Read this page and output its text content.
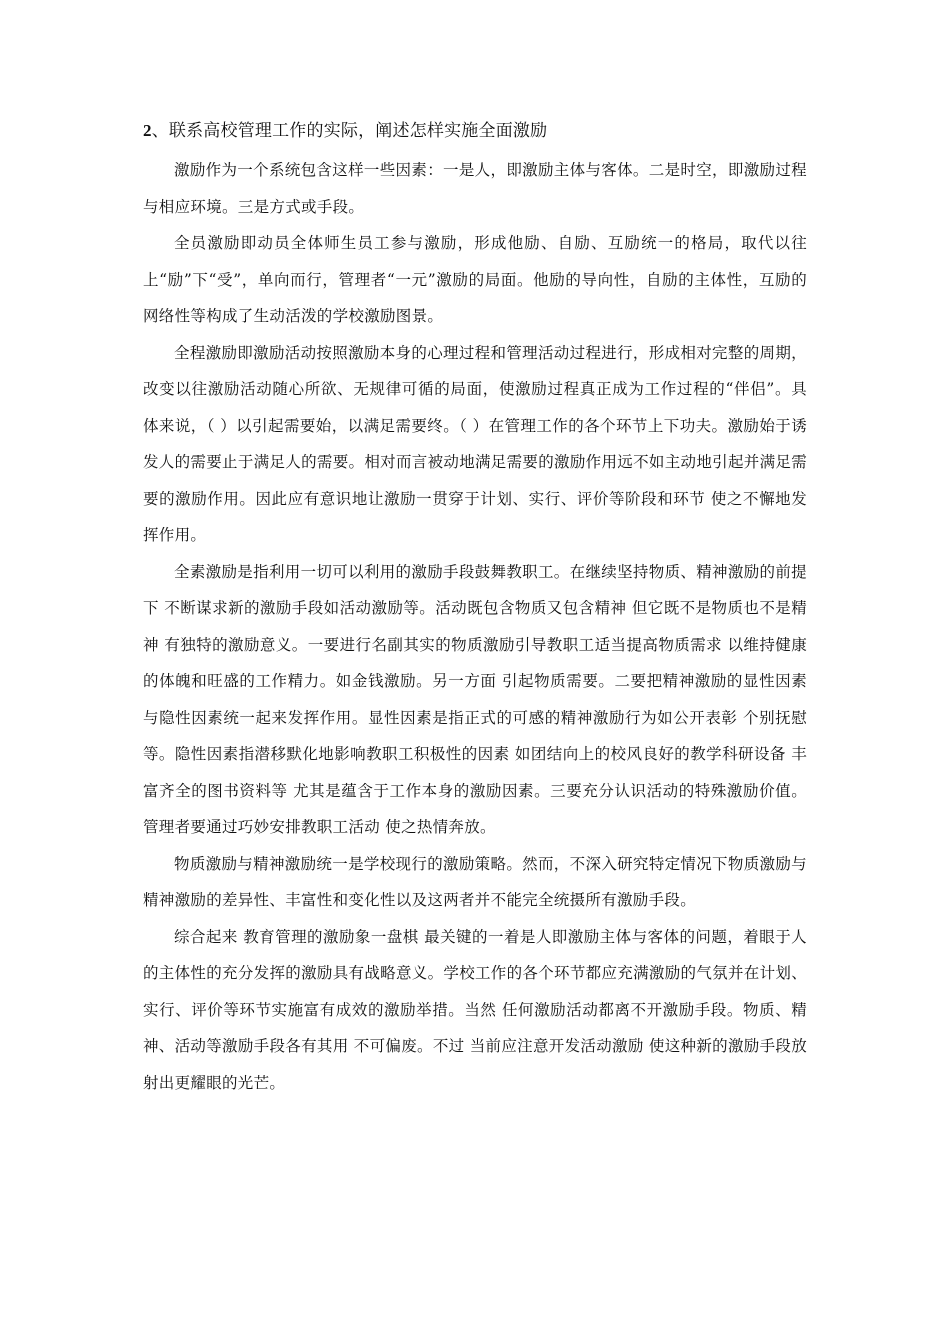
2、联系高校管理工作的实际，阐述怎样实施全面激励

激励作为一个系统包含这样一些因素：一是人，即激励主体与客体。二是时空，即激励过程与相应环境。三是方式或手段。

全员激励即动员全体师生员工参与激励，形成他励、自励、互励统一的格局，取代以往上“励”下“受”，单向而行，管理者“一元”激励的局面。他励的导向性，自励的主体性，互励的网络性等构成了生动活泼的学校激励图景。

全程激励即激励活动按照激励本身的心理过程和管理活动过程进行，形成相对完整的周期，改变以往激励活动随心所欲、无规律可循的局面，使激励过程真正成为工作过程的“伴侣”。具体来说，（ ）以引起需要始，以满足需要终。（ ）在管理工作的各个环节上下功夫。激励始于诱发人的需要止于满足人的需要。相对而言被动地满足需要的激励作用远不如主动地引起并满足需要的激励作用。因此应有意识地让激励一贯穿于计划、实行、评价等阶段和环节 使之不懈地发挥作用。

全素激励是指利用一切可以利用的激励手段鼓舞教职工。在继续坚持物质、精神激励的前提下 不断谋求新的激励手段如活动激励等。活动既包含物质又包含精神 但它既不是物质也不是精神 有独特的激励意义。一要进行名副其实的物质激励引导教职工适当提高物质需求 以维持健康的体魄和旺盛的工作精力。如金钱激励。另一方面 引起物质需要。二要把精神激励的显性因素与隐性因素统一起来发挥作用。显性因素是指正式的可感的精神激励行为如公开表彰 个别抚慰等。隐性因素指潜移默化地影响教职工积极性的因素 如团结向上的校风良好的教学科研设备 丰富齐全的图书资料等 尤其是蕴含于工作本身的激励因素。三要充分认识活动的特殊激励价值。管理者要通过巧妙安排教职工活动 使之热情奔放。

物质激励与精神激励统一是学校现行的激励策略。然而，不深入研究特定情况下物质激励与精神激励的差异性、丰富性和变化性以及这两者并不能完全统摄所有激励手段。

综合起来 教育管理的激励象一盘棋 最关键的一着是人即激励主体与客体的问题，着眼于人的主体性的充分发挥的激励具有战略意义。学校工作的各个环节都应充满激励的气氛并在计划、实行、评价等环节实施富有成效的激励举措。当然 任何激励活动都离不开激励手段。物质、精神、活动等激励手段各有其用 不可偏废。不过 当前应注意开发活动激励 使这种新的激励手段放射出更耀眼的光芒。
